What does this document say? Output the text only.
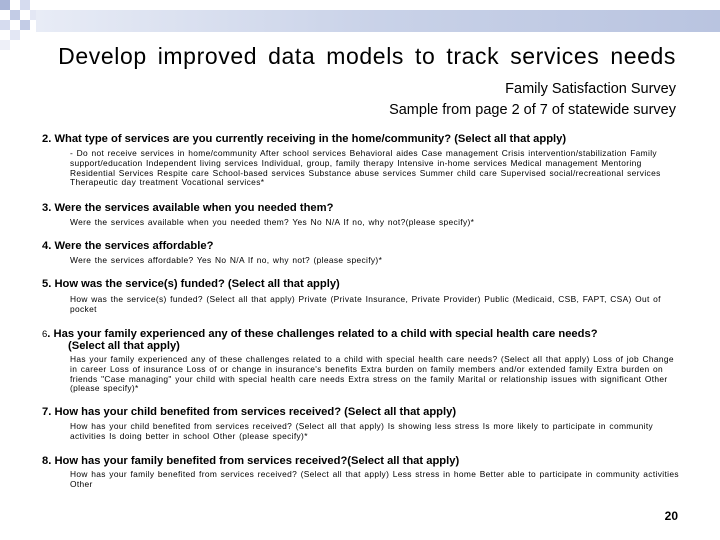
Develop improved data models to track services needs
Family Satisfaction Survey
Sample from page 2 of 7 of statewide survey
2. What type of services are you currently receiving in the home/community? (Select all that apply)
- Do not receive services in home/community After school services Behavioral aides Case management Crisis intervention/stabilization Family support/education Independent living services Individual, group, family therapy Intensive in-home services Medical management Mentoring Residential Services Respite care School-based services Substance abuse services Summer child care Supervised social/recreational services Therapeutic day treatment Vocational services*
3. Were the services available when you needed them?
Were the services available when you needed them? Yes No N/A If no, why not?(please specify)*
4. Were the services affordable?
Were the services affordable? Yes No N/A If no, why not? (please specify)*
5. How was the service(s) funded? (Select all that apply)
How was the service(s) funded? (Select all that apply) Private (Private Insurance, Private Provider) Public (Medicaid, CSB, FAPT, CSA) Out of pocket
6. Has your family experienced any of these challenges related to a child with special health care needs?
(Select all that apply)
Has your family experienced any of these challenges related to a child with special health care needs? (Select all that apply) Loss of job Change in career Loss of insurance Loss of or change in insurance's benefits Extra burden on family members and/or extended family Extra burden on friends "Case managing" your child with special health care needs Extra stress on the family Marital or relationship issues with significant Other (please specify)*
7. How has your child benefited from services received? (Select all that apply)
How has your child benefited from services received? (Select all that apply) Is showing less stress Is more likely to participate in community activities Is doing better in school Other (please specify)*
8. How has your family benefited from services received?(Select all that apply)
How has your family benefited from services received? (Select all that apply) Less stress in home Better able to participate in community activities Other
20
